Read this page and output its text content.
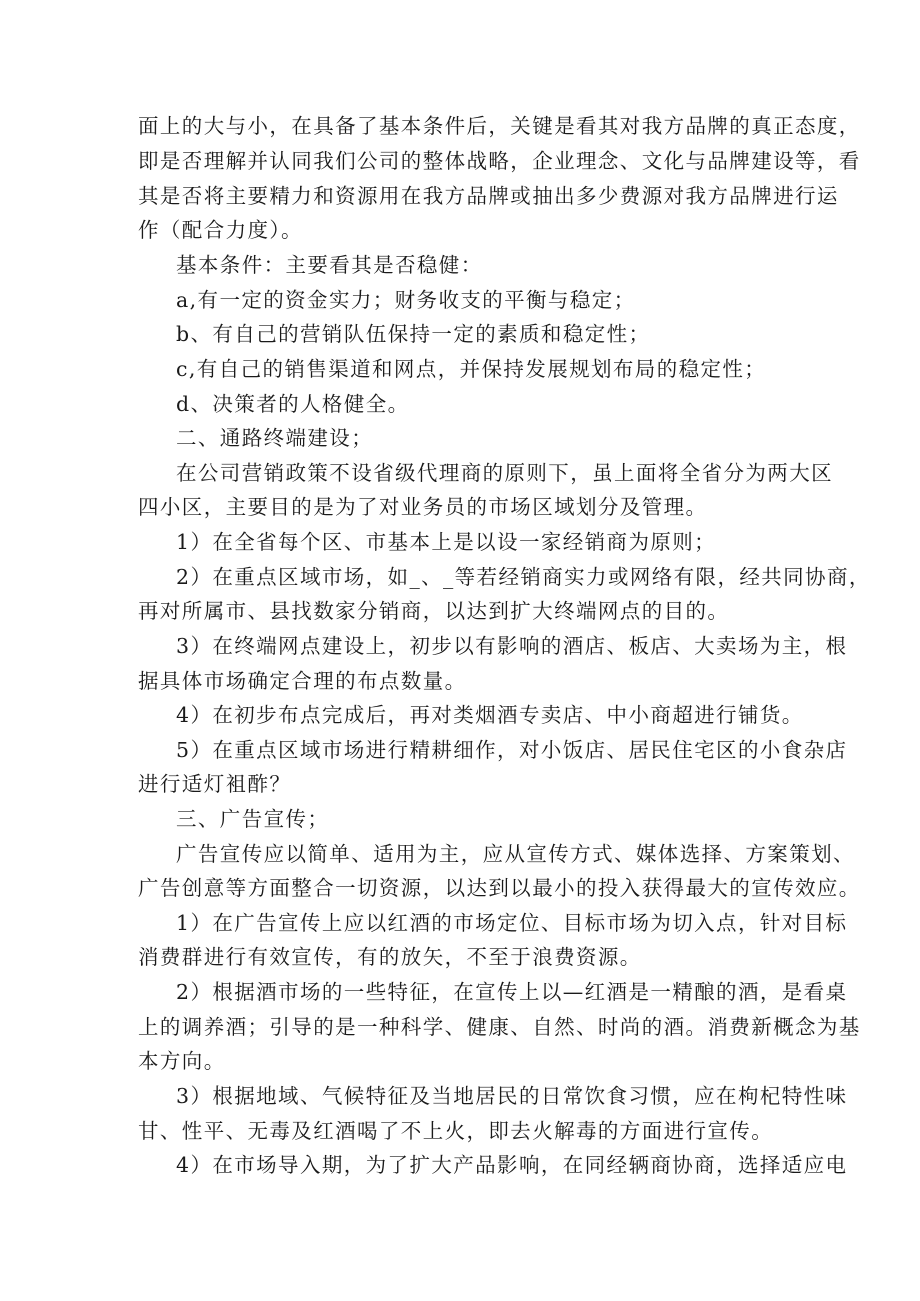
面上的大与小，在具备了基本条件后，关键是看其对我方品牌的真正态度，
即是否理解并认同我们公司的整体战略，企业理念、文化与品牌建设等，看
其是否将主要精力和资源用在我方品牌或抽出多少费源对我方品牌进行运
作（配合力度）。
基本条件：主要看其是否稳健：
a,有一定的资金实力；财务收支的平衡与稳定；
b、有自己的营销队伍保持一定的素质和稳定性；
c,有自己的销售渠道和网点，并保持发展规划布局的稳定性；
d、决策者的人格健全。
二、通路终端建设；
在公司营销政策不设省级代理商的原则下，虽上面将全省分为两大区
四小区，主要目的是为了对业务员的市场区域划分及管理。
1）在全省每个区、市基本上是以设一家经销商为原则；
2）在重点区域市场，如_、_等若经销商实力或网络有限，经共同协商，
再对所属市、县找数家分销商，以达到扩大终端网点的目的。
3）在终端网点建设上，初步以有影响的酒店、板店、大卖场为主，根
据具体市场确定合理的布点数量。
4）在初步布点完成后，再对类烟酒专卖店、中小商超进行铺货。
5）在重点区域市场进行精耕细作，对小饭店、居民住宅区的小食杂店
进行适灯袓酢？
三、广告宣传；
广告宣传应以简单、适用为主，应从宣传方式、媒体选择、方案策划、
广告创意等方面整合一切资源，以达到以最小的投入获得最大的宣传效应。
1）在广告宣传上应以红酒的市场定位、目标市场为切入点，针对目标
消费群进行有效宣传，有的放矢，不至于浪费资源。
2）根据酒市场的一些特征，在宣传上以—红酒是一精酿的酒，是看桌
上的调养酒；引导的是一种科学、健康、自然、时尚的酒。消费新概念为基
本方向。
3）根据地域、气候特征及当地居民的日常饮食习惯，应在枸杞特性味
甘、性平、无毒及红酒喝了不上火，即去火解毒的方面进行宣传。
4）在市场导入期，为了扩大产品影响，在同经辆商协商，选择适应电
